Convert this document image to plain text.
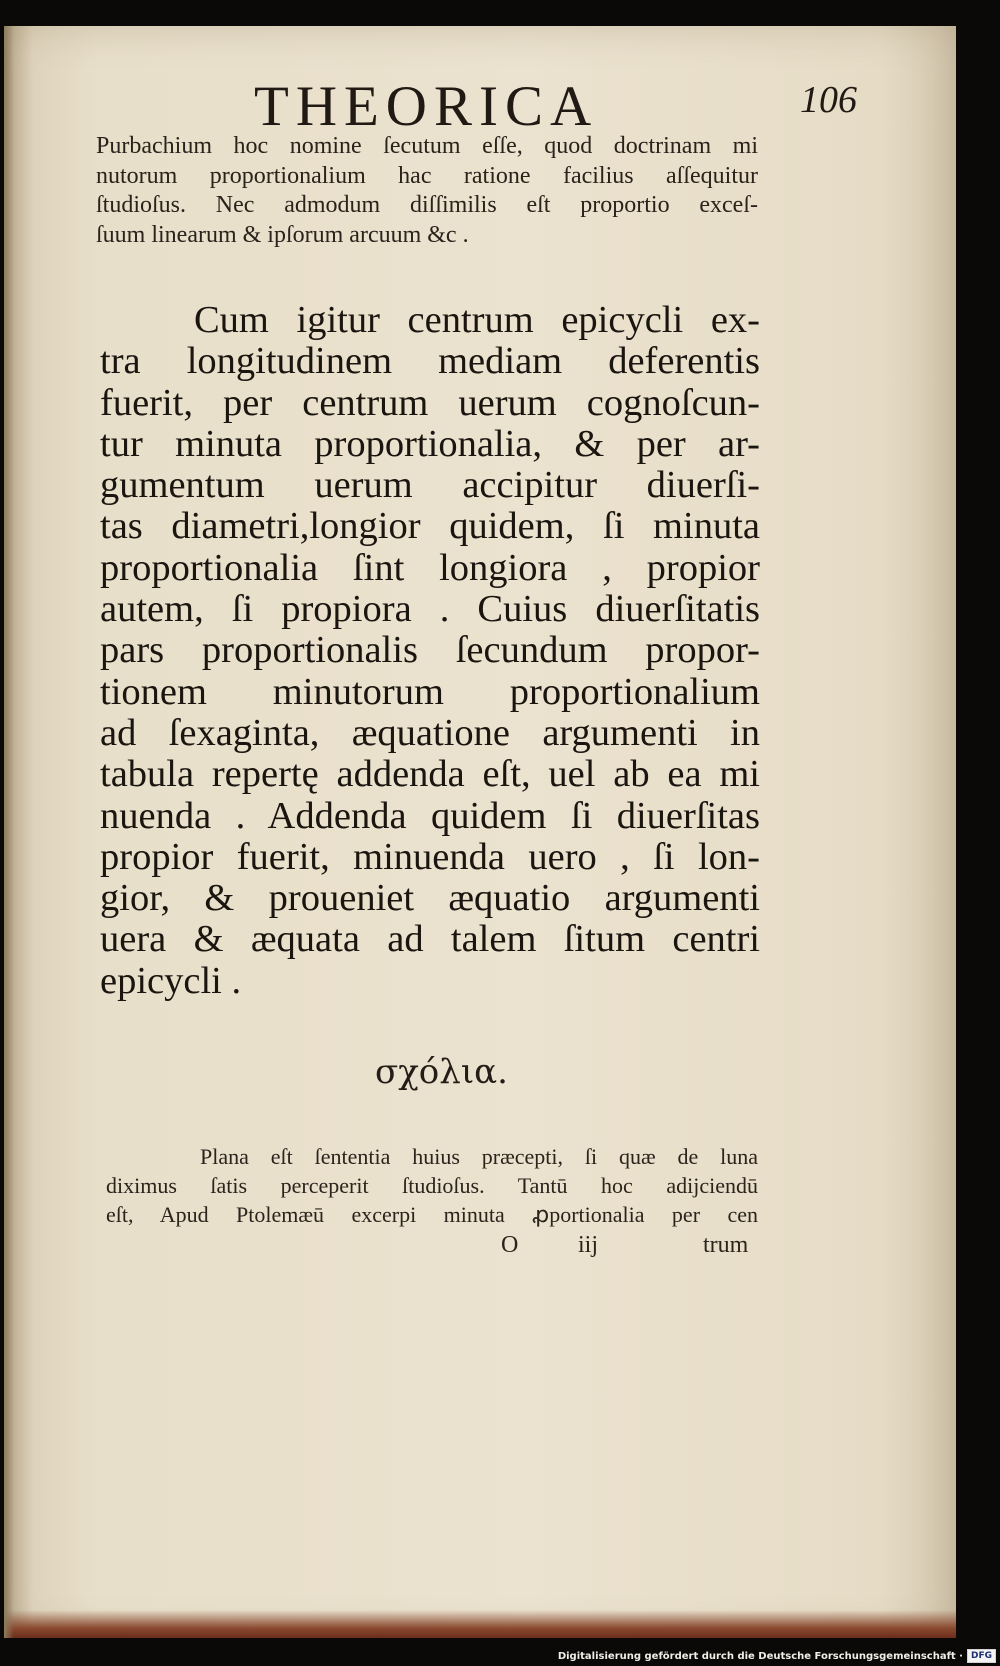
THEORICA	106
Purbachium hoc nomine ſecutum eſſe, quod doctrinam mi
nutorum proportionalium hac ratione facilius aſſequitur
ſtudioſus. Nec admodum diſſimilis eſt proportio exceſ-
ſuum linearum & ipſorum arcuum &c .
Cum igitur centrum epicycli ex-
tra longitudinem mediam deferentis
fuerit, per centrum uerum cognoſcun-
tur minuta proportionalia, & per ar-
gumentum uerum accipitur diuerſi-
tas diametri,longior quidem, ſi minuta
proportionalia ſint longiora , propior
autem, ſi propiora . Cuius diuerſitatis
pars proportionalis ſecundum propor-
tionem minutorum proportionalium
ad ſexaginta, æquatione argumenti in
tabula repertę addenda eſt, uel ab ea mi
nuenda . Addenda quidem ſi diuerſitas
propior fuerit, minuenda uero , ſi lon-
gior, & proueniet æquatio argumenti
uera & æquata ad talem ſitum centri
epicycli .
σχόλια.
Plana eſt ſententia huius præcepti, ſi quæ de luna
diximus ſatis perceperit ſtudioſus. Tantū hoc adijciendū
eſt, Apud Ptolemæū excerpi minuta ꝓportionalia per cen
O iij	trum
Digitalisierung gefördert durch die Deutsche Forschungsgemeinschaft · DFG
